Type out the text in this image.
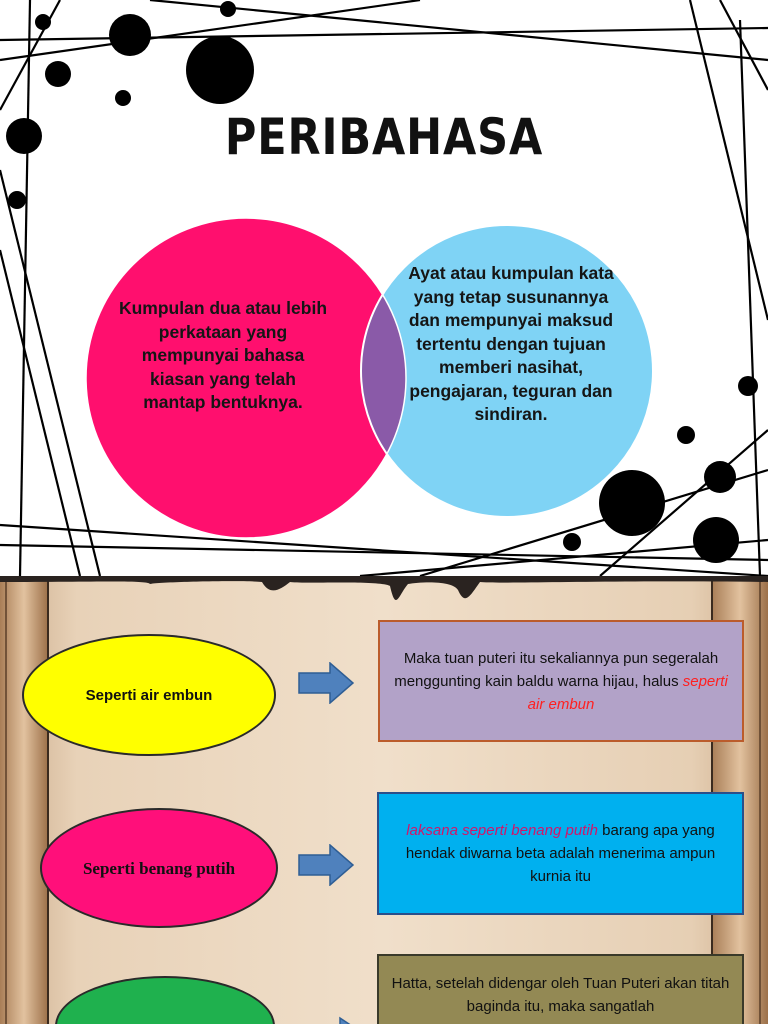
PERIBAHASA
Kumpulan dua atau lebih perkataan yang mempunyai bahasa kiasan yang telah mantap bentuknya.
Ayat atau kumpulan kata yang tetap susunannya dan mempunyai maksud tertentu dengan tujuan memberi nasihat, pengajaran, teguran dan sindiran.
Seperti air embun
Maka tuan puteri itu sekaliannya pun segeralah menggunting kain baldu warna hijau, halus seperti air embun
Seperti benang putih
laksana seperti benang putih barang apa yang hendak diwarna beta adalah menerima ampun kurnia itu
Hatta, setelah didengar oleh Tuan Puteri akan titah baginda itu, maka sangatlah
